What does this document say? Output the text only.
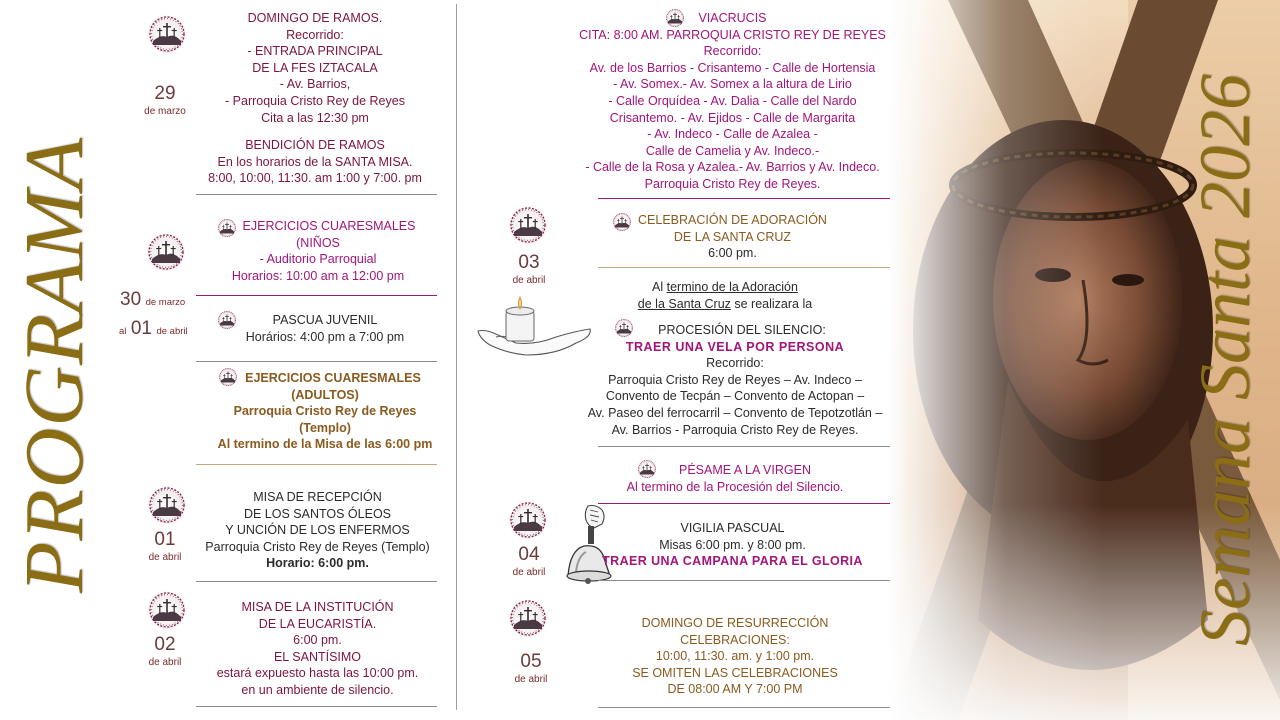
PROGRAMA	Semana Santa 2026
29
de marzo
DOMINGO DE RAMOS.
Recorrido:
- ENTRADA PRINCIPAL
DE LA FES IZTACALA
- Av. Barrios,
- Parroquia Cristo Rey de Reyes
Cita a las 12:30 pm
BENDICIÓN DE RAMOS
En los horarios de la SANTA MISA.
8:00, 10:00, 11:30. am 1:00 y 7:00. pm
30 de marzo
al 01 de abril
EJERCICIOS CUARESMALES
(NIÑOS
- Auditorio Parroquial
Horarios: 10:00 am a 12:00 pm
PASCUA JUVENIL
Horários: 4:00 pm a 7:00 pm
EJERCICIOS CUARESMALES
(ADULTOS)
Parroquia Cristo Rey de Reyes
(Templo)
Al termino de la Misa de las 6:00 pm
01
de abril
MISA DE RECEPCIÓN
DE LOS SANTOS ÓLEOS
Y UNCIÓN DE LOS ENFERMOS
Parroquia Cristo Rey de Reyes (Templo)
Horario: 6:00 pm.
02
de abril
MISA DE LA INSTITUCIÓN
DE LA EUCARISTÍA.
6:00 pm.
EL SANTÍSIMO
estará expuesto hasta las 10:00 pm.
en un ambiente de silencio.
VIACRUCIS
CITA: 8:00 AM. PARROQUIA CRISTO REY DE REYES
Recorrido:
Av. de los Barrios - Crisantemo - Calle de Hortensia
- Av. Somex.- Av. Somex a la altura de Lirio
- Calle Orquídea - Av. Dalia - Calle del Nardo
Crisantemo. - Av. Ejidos - Calle de Margarita
- Av. Indeco - Calle de Azalea -
Calle de Camelia y Av. Indeco.-
- Calle de la Rosa y Azalea.- Av. Barrios y Av. Indeco.
Parroquia Cristo Rey de Reyes.
03
de abril
CELEBRACIÓN DE ADORACIÓN
DE LA SANTA CRUZ
6:00 pm.
Al termino de la Adoración
de la Santa Cruz se realizara la
PROCESIÓN DEL SILENCIO:
TRAER UNA VELA POR PERSONA
Recorrido:
Parroquia Cristo Rey de Reyes – Av. Indeco –
Convento de Tecpán – Convento de Actopan –
Av. Paseo del ferrocarril – Convento de Tepotzotlán –
Av. Barrios - Parroquia Cristo Rey de Reyes.
PÉSAME A LA VIRGEN
Al termino de la Procesión del Silencio.
04
de abril
VIGILIA PASCUAL
Misas 6:00 pm. y 8:00 pm.
TRAER UNA CAMPANA PARA EL GLORIA
05
de abril
DOMINGO DE RESURRECCIÓN
CELEBRACIONES:
10:00, 11:30. am. y 1:00 pm.
SE OMITEN LAS CELEBRACIONES
DE 08:00 AM Y 7:00 PM
